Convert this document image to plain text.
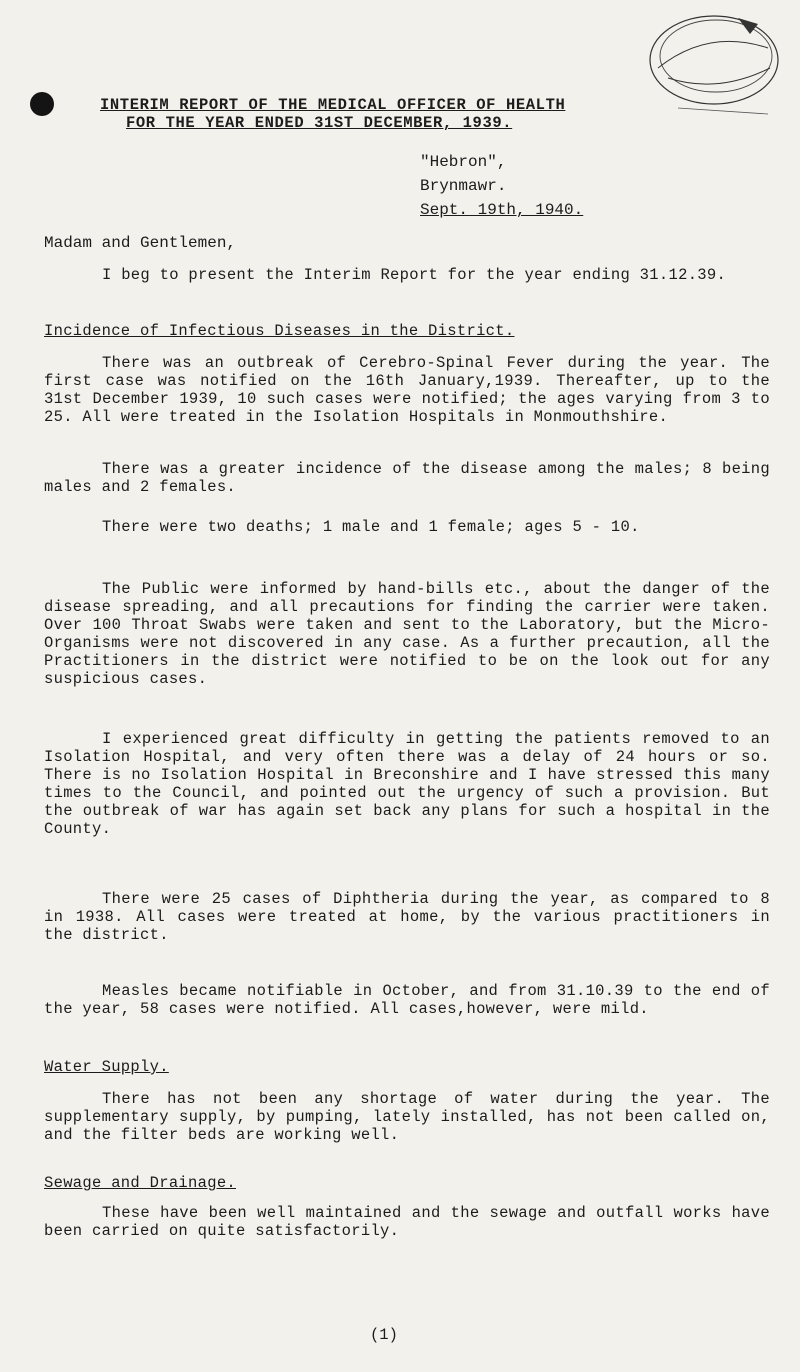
INTERIM REPORT OF THE MEDICAL OFFICER OF HEALTH
FOR THE YEAR ENDED 31ST DECEMBER, 1939.
"Hebron",
Brynmawr.
Sept. 19th, 1940.
Madam and Gentlemen,
I beg to present the Interim Report for the year ending 31.12.39.
Incidence of Infectious Diseases in the District.
There was an outbreak of Cerebro-Spinal Fever during the year. The first case was notified on the 16th January,1939. Thereafter, up to the 31st December 1939, 10 such cases were notified; the ages varying from 3 to 25. All were treated in the Isolation Hospitals in Monmouthshire.
There was a greater incidence of the disease among the males; 8 being males and 2 females.
There were two deaths; 1 male and 1 female; ages 5 - 10.
The Public were informed by hand-bills etc., about the danger of the disease spreading, and all precautions for finding the carrier were taken. Over 100 Throat Swabs were taken and sent to the Laboratory, but the Micro-Organisms were not discovered in any case. As a further precaution, all the Practitioners in the district were notified to be on the look out for any suspicious cases.
I experienced great difficulty in getting the patients removed to an Isolation Hospital, and very often there was a delay of 24 hours or so. There is no Isolation Hospital in Breconshire and I have stressed this many times to the Council, and pointed out the urgency of such a provision. But the outbreak of war has again set back any plans for such a hospital in the County.
There were 25 cases of Diphtheria during the year, as compared to 8 in 1938. All cases were treated at home, by the various practitioners in the district.
Measles became notifiable in October, and from 31.10.39 to the end of the year, 58 cases were notified. All cases,however, were mild.
Water Supply.
There has not been any shortage of water during the year. The supplementary supply, by pumping, lately installed, has not been called on, and the filter beds are working well.
Sewage and Drainage.
These have been well maintained and the sewage and outfall works have been carried on quite satisfactorily.
(1)
